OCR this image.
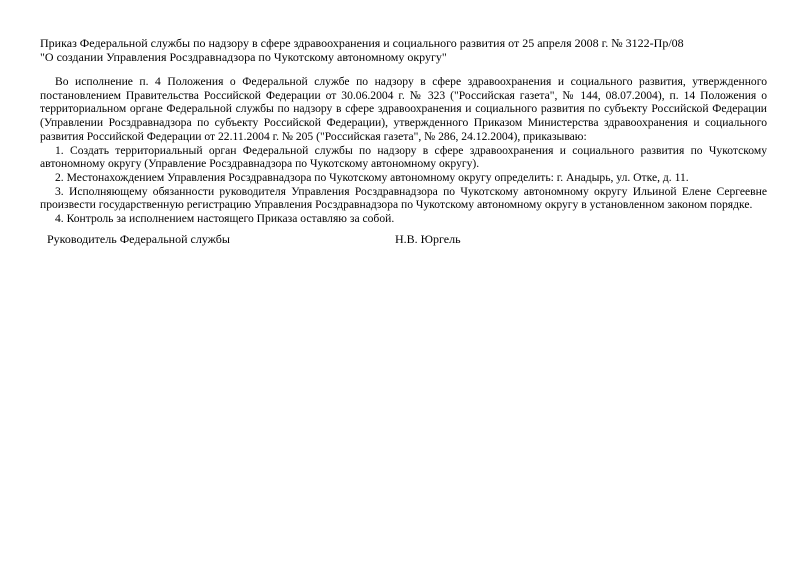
Приказ Федеральной службы по надзору в сфере здравоохранения и социального развития от 25 апреля 2008 г. № 3122-Пр/08
"О создании Управления Росздравнадзора по Чукотскому автономному округу"

Во исполнение п. 4 Положения о Федеральной службе по надзору в сфере здравоохранения и социального развития, утвержденного постановлением Правительства Российской Федерации от 30.06.2004 г. № 323 ("Российская газета", № 144, 08.07.2004), п. 14 Положения о территориальном органе Федеральной службы по надзору в сфере здравоохранения и социального развития по субъекту Российской Федерации (Управлении Росздравнадзора по субъекту Российской Федерации), утвержденного Приказом Министерства здравоохранения и социального развития Российской Федерации от 22.11.2004 г. № 205 ("Российская газета", № 286, 24.12.2004), приказываю:

1. Создать территориальный орган Федеральной службы по надзору в сфере здравоохранения и социального развития по Чукотскому автономному округу (Управление Росздравнадзора по Чукотскому автономному округу).

2. Местонахождением Управления Росздравнадзора по Чукотскому автономному округу определить: г. Анадырь, ул. Отке, д. 11.

3. Исполняющему обязанности руководителя Управления Росздравнадзора по Чукотскому автономному округу Ильиной Елене Сергеевне произвести государственную регистрацию Управления Росздравнадзора по Чукотскому автономному округу в установленном законом порядке.

4. Контроль за исполнением настоящего Приказа оставляю за собой.

Руководитель Федеральной службы	Н.В. Юргель
